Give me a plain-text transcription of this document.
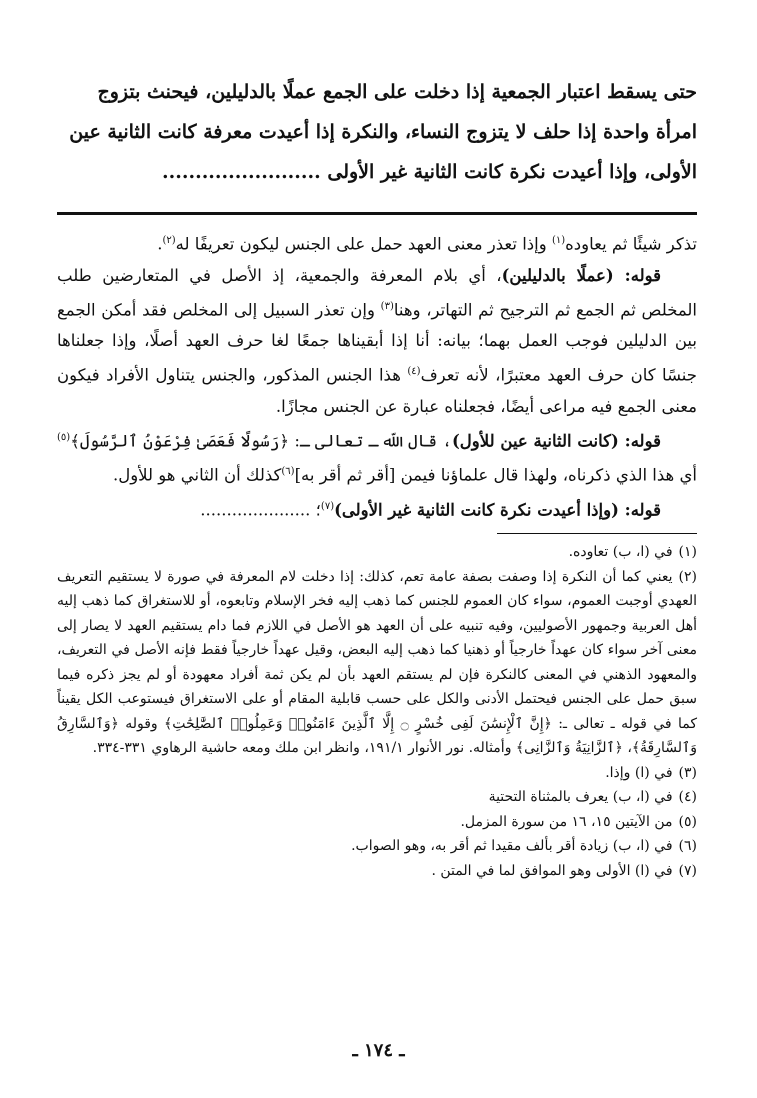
حتى يسقط اعتبار الجمعية إذا دخلت على الجمع عملًا بالدليلين، فيحنث بتزوج

امرأة واحدة إذا حلف لا يتزوج النساء، والنكرة إذا أعيدت معرفة كانت الثانية عين

الأولى، وإذا أعيدت نكرة كانت الثانية غير الأولى ........................

تذكر شيئًا ثم يعاوده$^{(١)}$ وإذا تعذر معنى العهد حمل على الجنس ليكون تعريفًا له$^{(٢)}$.

قوله: (عملًا بالدليلين)، أي بلام المعرفة والجمعية، إذ الأصل في المتعارضين طلب المخلص ثم الجمع ثم الترجيح ثم التهاتر، وهنا$^{(٣)}$ وإن تعذر السبيل إلى المخلص فقد أمكن الجمع بين الدليلين فوجب العمل بهما؛ بيانه: أنا إذا أبقيناها جمعًا لغا حرف العهد أصلًا، وإذا جعلناها جنسًا كان حرف العهد معتبرًا، لأنه تعرف$^{(٤)}$ هذا الجنس المذكور، والجنس يتناول الأفراد فيكون معنى الجمع فيه مراعى أيضًا، فجعلناه عبارة عن الجنس مجازًا.

قوله: (كانت الثانية عين للأول)، قال اللّه ـ تعالى ـ: ﴿رَسُولًا فَعَصَىٰ فِرْعَوْنُ ٱلرَّسُولَ﴾$^{(٥)}$ أي هذا الذي ذكرناه، ولهذا قال علماؤنا فيمن [أقر ثم أقر به]$^{(٦)}$كذلك أن الثاني هو للأول.

قوله: (وإذا أعيدت نكرة كانت الثانية غير الأولى)$^{(٧)}$؛ .....................

(١)في (ا، ب) تعاوده.

(٢)يعني كما أن النكرة إذا وصفت بصفة عامة تعم، كذلك: إذا دخلت لام المعرفة في صورة لا يستقيم التعريف العهدي أوجبت العموم، سواء كان العموم للجنس كما ذهب إليه فخر الإسلام وتابعوه، أو للاستغراق كما ذهب إليه أهل العربية وجمهور الأصوليين، وفيه تنبيه على أن العهد هو الأصل في اللازم فما دام يستقيم العهد لا يصار إلى معنى آخر سواء كان عهداً خارجياً أو ذهنيا كما ذهب إليه البعض، وقيل عهداً خارجياً فقط فإنه الأصل في التعريف، والمعهود الذهني في المعنى كالنكرة فإن لم يستقم العهد بأن لم يكن ثمة أفراد معهودة أو لم يجز ذكره فيما سبق حمل على الجنس فيحتمل الأدنى والكل على حسب قابلية المقام أو على الاستغراق فيستوعب الكل يقيناً كما في قوله ـ تعالى ـ: ﴿إِنَّ ٱلْإِنسَٰنَ لَفِى خُسْرٍ ۝ إِلَّا ٱلَّذِينَ ءَامَنُوا۟ وَعَمِلُوا۟ ٱلصَّٰلِحَٰتِ﴾ وقوله ﴿وَٱلسَّارِقُ وَٱلسَّارِقَةُ﴾، ﴿ٱلزَّانِيَةُ وَٱلزَّانِى﴾ وأمثاله. نور الأنوار ١٩١/١، وانظر ابن ملك ومعه حاشية الرهاوي ٣٣١-٣٣٤.

(٣)في (ا) وإذا.

(٤)في (ا، ب) يعرف بالمثناة التحتية

(٥)من الآيتين ١٥، ١٦ من سورة المزمل.

(٦)في (ا، ب) زيادة أقر بألف مقيدا ثم أقر به، وهو الصواب.

(٧)في (ا) الأولى وهو الموافق لما في المتن .

ـ ١٧٤ ـ
